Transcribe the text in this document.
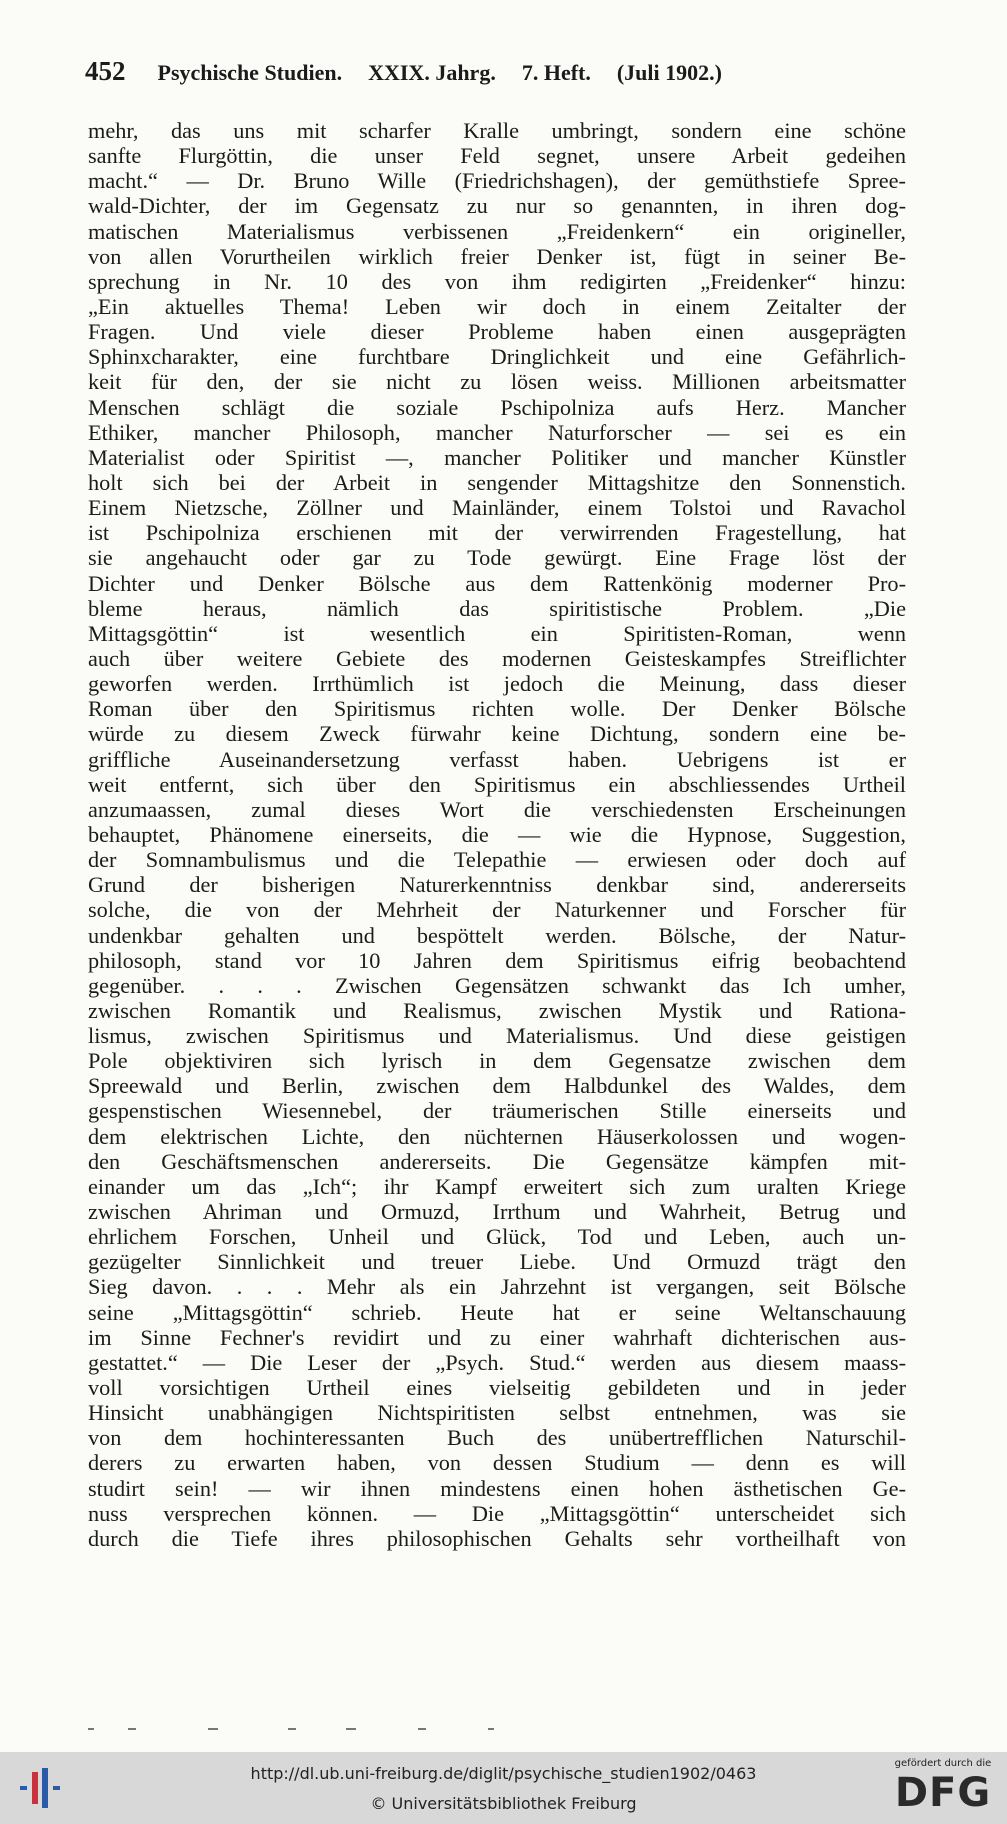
452 Psychische Studien. XXIX. Jahrg. 7. Heft. (Juli 1902.)
mehr, das uns mit scharfer Kralle umbringt, sondern eine schöne
sanfte Flurgöttin, die unser Feld segnet, unsere Arbeit gedeihen
macht.“ — Dr. Bruno Wille (Friedrichshagen), der gemüthstiefe Spree-
wald-Dichter, der im Gegensatz zu nur so genannten, in ihren dog-
matischen Materialismus verbissenen „Freidenkern“ ein origineller,
von allen Vorurtheilen wirklich freier Denker ist, fügt in seiner Be-
sprechung in Nr. 10 des von ihm redigirten „Freidenker“ hinzu:
„Ein aktuelles Thema! Leben wir doch in einem Zeitalter der
Fragen. Und viele dieser Probleme haben einen ausgeprägten
Sphinxcharakter, eine furchtbare Dringlichkeit und eine Gefährlich-
keit für den, der sie nicht zu lösen weiss. Millionen arbeitsmatter
Menschen schlägt die soziale Pschipolniza aufs Herz. Mancher
Ethiker, mancher Philosoph, mancher Naturforscher — sei es ein
Materialist oder Spiritist —, mancher Politiker und mancher Künstler
holt sich bei der Arbeit in sengender Mittagshitze den Sonnenstich.
Einem Nietzsche, Zöllner und Mainländer, einem Tolstoi und Ravachol
ist Pschipolniza erschienen mit der verwirrenden Fragestellung, hat
sie angehaucht oder gar zu Tode gewürgt. Eine Frage löst der
Dichter und Denker Bölsche aus dem Rattenkönig moderner Pro-
bleme heraus, nämlich das spiritistische Problem. „Die
Mittagsgöttin“ ist wesentlich ein Spiritisten-Roman, wenn
auch über weitere Gebiete des modernen Geisteskampfes Streiflichter
geworfen werden. Irrthümlich ist jedoch die Meinung, dass dieser
Roman über den Spiritismus richten wolle. Der Denker Bölsche
würde zu diesem Zweck fürwahr keine Dichtung, sondern eine be-
griffliche Auseinandersetzung verfasst haben. Uebrigens ist er
weit entfernt, sich über den Spiritismus ein abschliessendes Urtheil
anzumaassen, zumal dieses Wort die verschiedensten Erscheinungen
behauptet, Phänomene einerseits, die — wie die Hypnose, Suggestion,
der Somnambulismus und die Telepathie — erwiesen oder doch auf
Grund der bisherigen Naturerkenntniss denkbar sind, andererseits
solche, die von der Mehrheit der Naturkenner und Forscher für
undenkbar gehalten und bespöttelt werden. Bölsche, der Natur-
philosoph, stand vor 10 Jahren dem Spiritismus eifrig beobachtend
gegenüber. . . . Zwischen Gegensätzen schwankt das Ich umher,
zwischen Romantik und Realismus, zwischen Mystik und Rationa-
lismus, zwischen Spiritismus und Materialismus. Und diese geistigen
Pole objektiviren sich lyrisch in dem Gegensatze zwischen dem
Spreewald und Berlin, zwischen dem Halbdunkel des Waldes, dem
gespenstischen Wiesennebel, der träumerischen Stille einerseits und
dem elektrischen Lichte, den nüchternen Häuserkolossen und wogen-
den Geschäftsmenschen andererseits. Die Gegensätze kämpfen mit-
einander um das „Ich“; ihr Kampf erweitert sich zum uralten Kriege
zwischen Ahriman und Ormuzd, Irrthum und Wahrheit, Betrug und
ehrlichem Forschen, Unheil und Glück, Tod und Leben, auch un-
gezügelter Sinnlichkeit und treuer Liebe. Und Ormuzd trägt den
Sieg davon. . . . Mehr als ein Jahrzehnt ist vergangen, seit Bölsche
seine „Mittagsgöttin“ schrieb. Heute hat er seine Weltanschauung
im Sinne Fechner's revidirt und zu einer wahrhaft dichterischen aus-
gestattet.“ — Die Leser der „Psych. Stud.“ werden aus diesem maass-
voll vorsichtigen Urtheil eines vielseitig gebildeten und in jeder
Hinsicht unabhängigen Nichtspiritisten selbst entnehmen, was sie
von dem hochinteressanten Buch des unübertrefflichen Naturschil-
derers zu erwarten haben, von dessen Studium — denn es will
studirt sein! — wir ihnen mindestens einen hohen ästhetischen Ge-
nuss versprechen können. — Die „Mittagsgöttin“ unterscheidet sich
durch die Tiefe ihres philosophischen Gehalts sehr vortheilhaft von
http://dl.ub.uni-freiburg.de/diglit/psychische_studien1902/0463
© Universitätsbibliothek Freiburg
gefördert durch die
DFG
